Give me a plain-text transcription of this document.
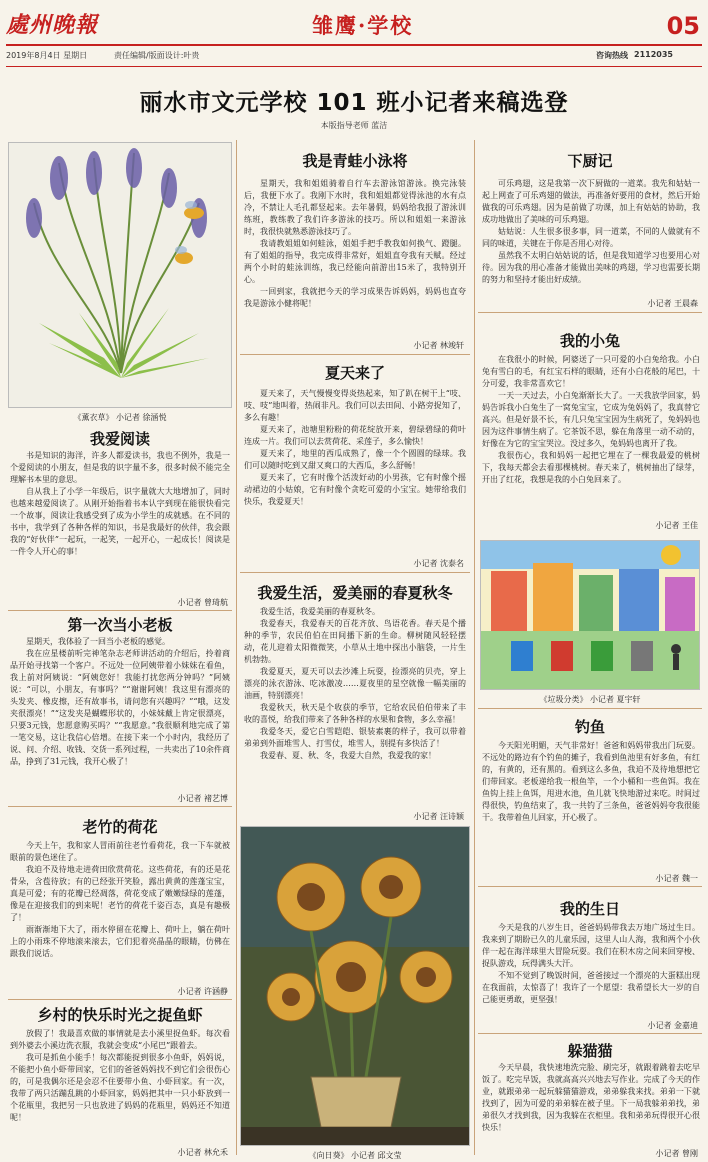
處州晚報	雏鹰·学校	05
2019年8月4日 星期日	责任编辑/版面设计:叶贵	咨询热线 2112035
丽水市文元学校 101 班小记者来稿选登
本版指导老师 蓝洁
《薰衣草》 小记者 徐涵悦
我爱阅读

书是知识的海洋，许多人都爱读书，我也不例外，我是一个爱阅读的小朋友，但是我的识字量不多，很多时候不能完全理解书本里的意思。

自从我上了小学一年级后，识字量就大大地增加了，同时也越来越爱阅读了。从刚开始指着书本认字到现在能很快看完一个故事，阅读让我感受到了成为小学生的成就感。在不同的书中，我学到了各种各样的知识，书是我最好的伙伴，我会跟我的“好伙伴”一起玩，一起笑，一起开心，一起成长！阅读是一件令人开心的事！

小记者 曾琦航
第一次当小老板

星期天，我体验了一回当小老板的感觉。

我在应星楼前听完神笔杂志老师讲活动的介绍后，拎着商品开始寻找第一个客户。不远处一位阿姨带着小妹妹在看鱼，我上前对阿姨说：“阿姨您好！我能打扰您两分钟吗？”阿姨说：“可以，小朋友，有事吗？”“谢谢阿姨！我这里有漂亮的头发夹、橡皮擦，还有故事书，请问您有兴趣吗？”“哦，这发夹很漂亮！”“这发夹是蝴蝶形状的，小妹妹戴上肯定很漂亮，只要3元钱，您愿意购买吗？”“我愿意。”我很顺利地完成了第一笔交易，这让我信心倍增。在接下来一个小时内，我经历了说、问、介绍、收钱、交货一系列过程，一共卖出了10余件商品，挣到了31元钱，我开心极了！

小记者 褚艺博
老竹的荷花

今天上午，我和家人冒雨前往老竹看荷花，我一下车就被眼前的景色迷住了。

我迫不及待地走进荷田欣赏荷花。这些荷花，有的还是花骨朵，含苞待放；有的已经张开笑脸，露出黄黄的莲蓬宝宝，真是可爱；有的花瓣已经凋落，荷花变成了嫩嫩绿绿的莲蓬，像是在迎接我们的到来呢！老竹的荷花千姿百态，真是有趣极了！

雨渐渐地下大了，雨水停留在花瓣上、荷叶上，躺在荷叶上的小雨珠不停地滚来滚去，它们犯着亮晶晶的眼睛，仿佛在跟我们说话。

小记者 许涵静
乡村的快乐时光之捉鱼虾

放假了！我最喜欢做的事情就是去小溪里捉鱼虾。每次看到外婆去小溪边洗衣服，我就会变成“小尾巴”跟着去。

我可是抓鱼小能手！每次都能捉到很多小鱼虾，妈妈说，不能把小鱼小虾带回家，它们的爸爸妈妈找不到它们会很伤心的，可是我偶尔还是会忍不住要带小鱼、小虾回家。有一次，我带了两只活蹦乱跳的小虾回家，妈妈把其中一只小虾放到一个花瓶里，我把另一只也放进了妈妈的花瓶里，妈妈还不知道呢！

小记者 林允禾
我是青蛙小泳将

星期天，我和姐姐骑着自行车去游泳馆游泳。换完泳装后，我便下水了。我刚下水时，我和姐姐都觉得泳池的水有点冷，不禁让人毛孔都竖起来。去年暑假，妈妈给我报了游泳训练班，教练教了我们许多游泳的技巧。所以和姐姐一来游泳时，我很快就熟悉游泳技巧了。

我请教姐姐如何蛙泳，姐姐手把手教我如何换气、蹬腿。有了姐姐的指导，我完成得非常好，姐姐直夸我有天赋。经过两个小时的蛙泳训练，我已经能向前游出15米了，我特别开心。

一回到家，我就把今天的学习成果告诉妈妈，妈妈也直夸我是游泳小健将呢！

小记者 林竣轩
夏天来了

夏天来了，天气慢慢变得炎热起来，知了趴在树干上“吱、吱、吱”地叫着，热闹非凡。我们可以去田间、小路旁捉知了，多么有趣！

夏天来了，池塘里粉粉的荷花绽放开来，碧绿碧绿的荷叶连成一片。我们可以去赏荷花、采莲子，多么愉快！

夏天来了，地里的西瓜成熟了，像一个个圆圆的绿球。我们可以随时吃到又甜又爽口的大西瓜，多么舒畅！

夏天来了，它有时像个活泼好动的小男孩，它有时像个摇动裙边的小姑娘，它有时像个贪吃可爱的小宝宝。她带给我们快乐，我爱夏天！

小记者 沈泰名
我爱生活，爱美丽的春夏秋冬

我爱生活，我爱美丽的春夏秋冬。

我爱春天，我爱春天的百花齐放、鸟语花香。春天是个播种的季节，农民伯伯在田间播下新的生命。柳树随风轻轻摆动，花儿迎着太阳微微笑，小草从土地中探出小脑袋，一片生机勃勃。

我爱夏天，夏天可以去沙滩上玩耍，捡漂亮的贝壳，穿上漂亮的泳衣游泳、吃冰激凌……夏夜里的星空就像一幅美丽的油画，特别漂亮！

我爱秋天，秋天是个收获的季节，它给农民伯伯带来了丰收的喜悦，给我们带来了各种各样的水果和食物，多么幸福！

我爱冬天，爱它白雪皑皑、银装素裹的样子，我可以带着弟弟到外面堆雪人、打雪仗，堆雪人，别提有多快活了！

我爱春、夏、秋、冬，我爱大自然，我爱我的家！

小记者 汪诗颖
《向日葵》 小记者 邱文莹
下厨记

可乐鸡翅，这是我第一次下厨做的一道菜。我先和姑姑一起上网查了可乐鸡翅的做法，再准备好要用的食材，然后开始做我的可乐鸡翅。因为是前做了功课，加上有姑姑的协助，我成功地做出了美味的可乐鸡翅。

姑姑说：人生很多很多事，同一道菜，不同的人做就有不同的味道，关键在于你是否用心对待。

虽然我不太明白姑姑说的话，但是我知道学习也要用心对待。因为我的用心准备才能做出美味的鸡翅，学习也需要长期的努力和坚持才能出好成绩。

小记者 王晨森
我的小兔

在我很小的时候，阿婆送了一只可爱的小白兔给我。小白兔有雪白的毛，有红宝石样的眼睛，还有小白花般的尾巴，十分可爱，我非常喜欢它！

一天一天过去，小白兔渐渐长大了。一天我放学回家，妈妈告诉我小白兔生了一窝兔宝宝，它成为兔妈妈了，我真替它高兴。但是好景不长，有几只兔宝宝因为生病死了，兔妈妈也因为这件事情生病了。它茶饭不思，躲在角落里一动不动的，好像在为它的宝宝哭泣。没过多久，兔妈妈也离开了我。

我很伤心，我和妈妈一起把它埋在了一棵我最爱的桃树下，我每天都会去看那棵桃树。春天来了，桃树抽出了绿芽，开出了红花，我想是我的小白兔回来了。

小记者 王佳
《垃圾分类》 小记者 夏宇轩
钓鱼

今天阳光明媚，天气非常好！爸爸和妈妈带我出门玩耍。不远处的路边有个钓鱼的摊子，我看到鱼池里有好多鱼，有红的，有黄的，还有黑的。看到这么多鱼，我迫不及待地想把它们带回家。老板递给我一根鱼竿，一个小桶和一些鱼饵。我在鱼钩上挂上鱼饵，甩进水池，鱼儿就飞快地游过来吃。时间过得很快，钓鱼结束了，我一共钓了三条鱼，爸爸妈妈夸我很能干。我带着鱼儿回家，开心极了。

小记者 魏一
我的生日

今天是我的八岁生日，爸爸妈妈带我去万地广场过生日。我来到了期盼已久的儿童乐园，这里人山人海，我和两个小伙伴一起在海洋球里大冒险玩耍。我们在积木房之间来回穿梭、捉队游戏，玩得满头大汗。

不知不觉到了晚饭时间，爸爸接过一个漂亮的大蛋糕出现在我面前，太惊喜了！我许了一个愿望：我希望长大一岁的自己能更勇敢，更坚强！

小记者 金嘉迪
躲猫猫

今天早晨，我快速地洗完脸、刷完牙，就跟着跳着去吃早饭了。吃完早饭，我就高高兴兴地去写作业。完成了今天的作业，就跟弟弟一起玩躲猫猫游戏，弟弟躲我来找。弟弟一下就找到了，因为可爱的弟弟躲在被子里。下一局我躲弟弟找，弟弟很久才找到我，因为我躲在衣柜里。我和弟弟玩得很开心很快乐！

小记者 曾刚
